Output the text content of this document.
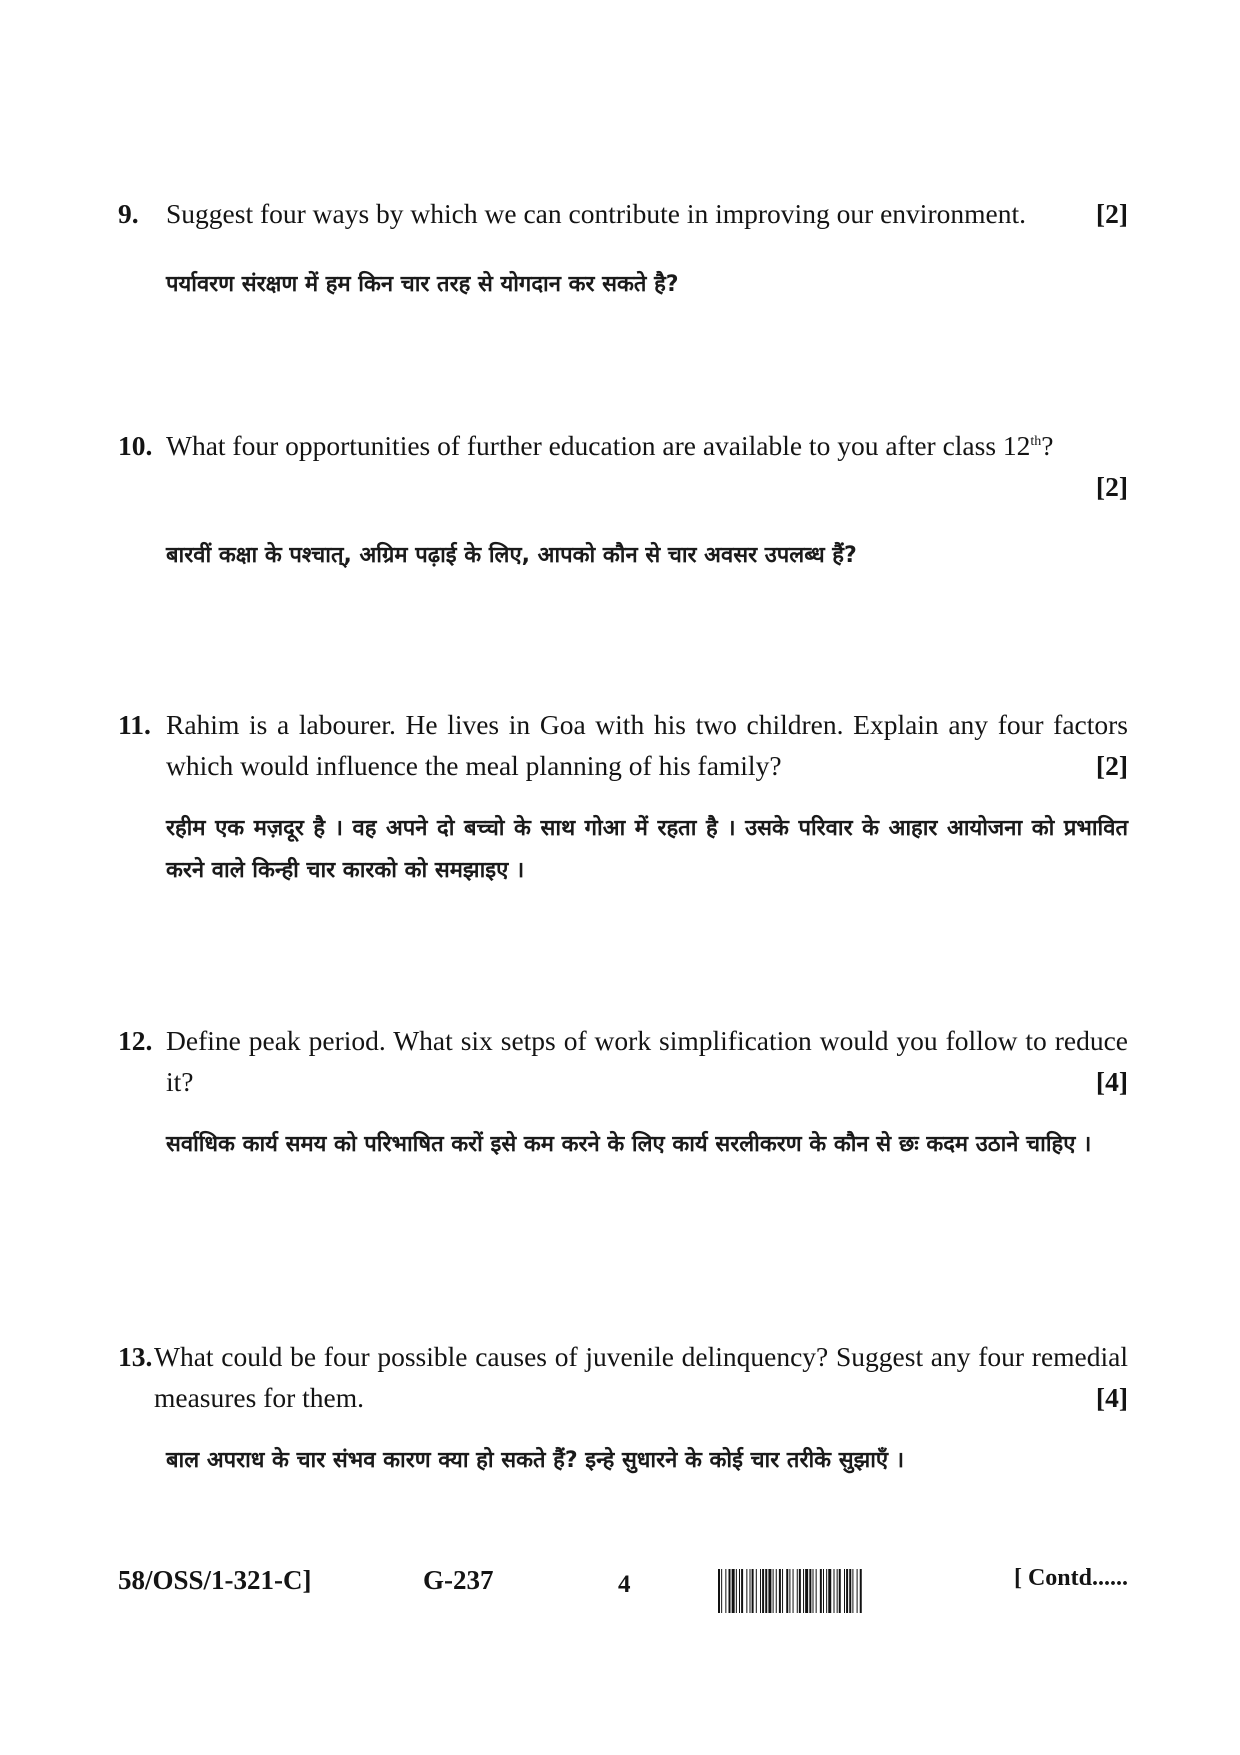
9. Suggest four ways by which we can contribute in improving our environment.	[2]
पर्यावरण संरक्षण में हम किन चार तरह से योगदान कर सकते है?
10. What four opportunities of further education are available to you after class 12th?
[2]
बारवीं कक्षा के पश्चात्, अग्रिम पढ़ाई के लिए, आपको कौन से चार अवसर उपलब्ध हैं?
11. Rahim is a labourer. He lives in Goa with his two children. Explain any four factors which would influence the meal planning of his family?	[2]
रहीम एक मज़दूर है । वह अपने दो बच्चो के साथ गोआ में रहता है । उसके परिवार के आहार आयोजना को प्रभावित करने वाले किन्ही चार कारको को समझाइए ।
12. Define peak period. What six setps of work simplification would you follow to reduce it?	[4]
सर्वाधिक कार्य समय को परिभाषित करों इसे कम करने के लिए कार्य सरलीकरण के कौन से छः कदम उठाने चाहिए ।
13. What could be four possible causes of juvenile delinquency? Suggest any four remedial measures for them.	[4]
बाल अपराध के चार संभव कारण क्या हो सकते हैं? इन्हे सुधारने के कोई चार तरीके सुझाएँ ।
58/OSS/1-321-C]	G-237	4	[ Contd......
